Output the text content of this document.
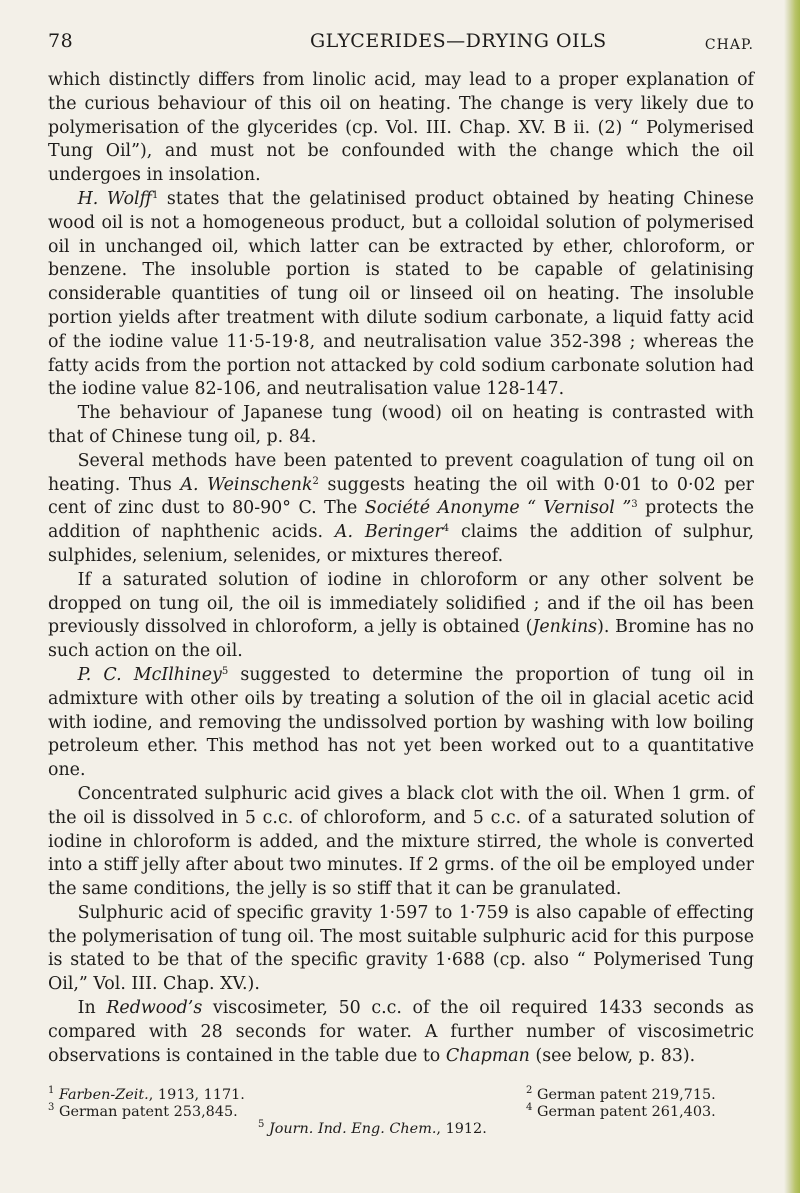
78	GLYCERIDES—DRYING OILS	CHAP.

which distinctly differs from linolic acid, may lead to a proper explanation of the curious behaviour of this oil on heating. The change is very likely due to polymerisation of the glycerides (cp. Vol. III. Chap. XV. B ii. (2) “ Polymerised Tung Oil”), and must not be confounded with the change which the oil undergoes in insolation.

H. Wolff$^1$ states that the gelatinised product obtained by heating Chinese wood oil is not a homogeneous product, but a colloidal solution of polymerised oil in unchanged oil, which latter can be extracted by ether, chloroform, or benzene. The insoluble portion is stated to be capable of gelatinising considerable quantities of tung oil or linseed oil on heating. The insoluble portion yields after treatment with dilute sodium carbonate, a liquid fatty acid of the iodine value 11·5-19·8, and neutralisation value 352-398 ; whereas the fatty acids from the portion not attacked by cold sodium carbonate solution had the iodine value 82-106, and neutralisation value 128-147.

The behaviour of Japanese tung (wood) oil on heating is contrasted with that of Chinese tung oil, p. 84.

Several methods have been patented to prevent coagulation of tung oil on heating. Thus A. Weinschenk$^2$ suggests heating the oil with 0·01 to 0·02 per cent of zinc dust to 80-90° C. The Société Anonyme “ Vernisol ”$^3$ protects the addition of naphthenic acids. A. Beringer$^4$ claims the addition of sulphur, sulphides, selenium, selenides, or mixtures thereof.

If a saturated solution of iodine in chloroform or any other solvent be dropped on tung oil, the oil is immediately solidified ; and if the oil has been previously dissolved in chloroform, a jelly is obtained (Jenkins). Bromine has no such action on the oil.

P. C. McIlhiney$^5$ suggested to determine the proportion of tung oil in admixture with other oils by treating a solution of the oil in glacial acetic acid with iodine, and removing the undissolved portion by washing with low boiling petroleum ether. This method has not yet been worked out to a quantitative one.

Concentrated sulphuric acid gives a black clot with the oil. When 1 grm. of the oil is dissolved in 5 c.c. of chloroform, and 5 c.c. of a saturated solution of iodine in chloroform is added, and the mixture stirred, the whole is converted into a stiff jelly after about two minutes. If 2 grms. of the oil be employed under the same conditions, the jelly is so stiff that it can be granulated.

Sulphuric acid of specific gravity 1·597 to 1·759 is also capable of effecting the polymerisation of tung oil. The most suitable sulphuric acid for this purpose is stated to be that of the specific gravity 1·688 (cp. also “ Polymerised Tung Oil,” Vol. III. Chap. XV.).

In Redwood’s viscosimeter, 50 c.c. of the oil required 1433 seconds as compared with 28 seconds for water. A further number of viscosimetric observations is contained in the table due to Chapman (see below, p. 83).

$^1$ Farben-Zeit., 1913, 1171.	$^2$ German patent 219,715.
$^3$ German patent 253,845.	$^4$ German patent 261,403.
$^5$ Journ. Ind. Eng. Chem., 1912.
